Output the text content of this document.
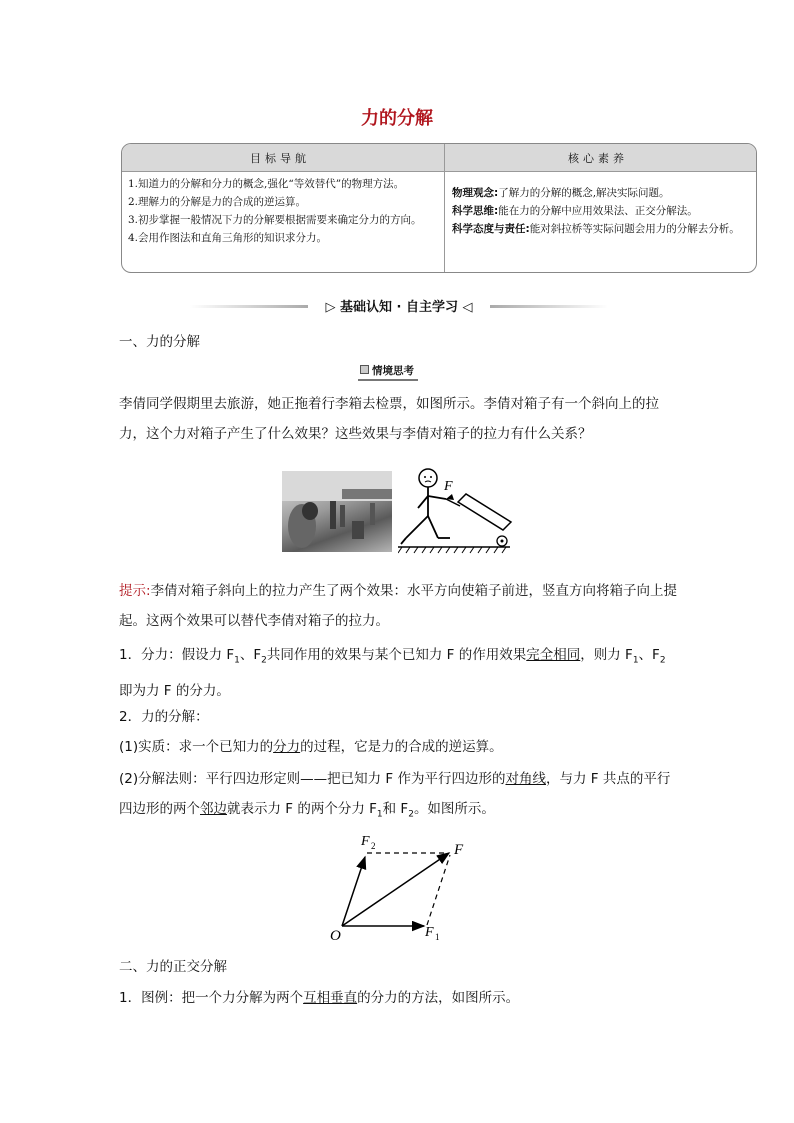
力的分解
目标导航	核心素养
1.知道力的分解和分力的概念,强化“等效替代”的物理方法。
2.理解力的分解是力的合成的逆运算。
3.初步掌握一般情况下力的分解要根据需要来确定分力的方向。
4.会用作图法和直角三角形的知识求分力。
物理观念:了解力的分解的概念,解决实际问题。
科学思维:能在力的分解中应用效果法、正交分解法。
科学态度与责任:能对斜拉桥等实际问题会用力的分解去分析。
▷ 基础认知 · 自主学习 ◁
一、力的分解
情境思考
李倩同学假期里去旅游，她正拖着行李箱去检票，如图所示。李倩对箱子有一个斜向上的拉力，这个力对箱子产生了什么效果？这些效果与李倩对箱子的拉力有什么关系？
F
提示:李倩对箱子斜向上的拉力产生了两个效果：水平方向使箱子前进，竖直方向将箱子向上提起。这两个效果可以替代李倩对箱子的拉力。
1．分力：假设力 $F_1$、$F_2$共同作用的效果与某个已知力 F 的作用效果完全相同，则力 $F_1$、$F_2$即为力 F 的分力。
2．力的分解：
(1)实质：求一个已知力的分力的过程，它是力的合成的逆运算。
(2)分解法则：平行四边形定则——把已知力 F 作为平行四边形的对角线，与力 F 共点的平行四边形的两个邻边就表示力 F 的两个分力 $F_1$和 $F_2$。如图所示。
O
F
F 1
F 2
二、力的正交分解
1．图例：把一个力分解为两个互相垂直的分力的方法，如图所示。
